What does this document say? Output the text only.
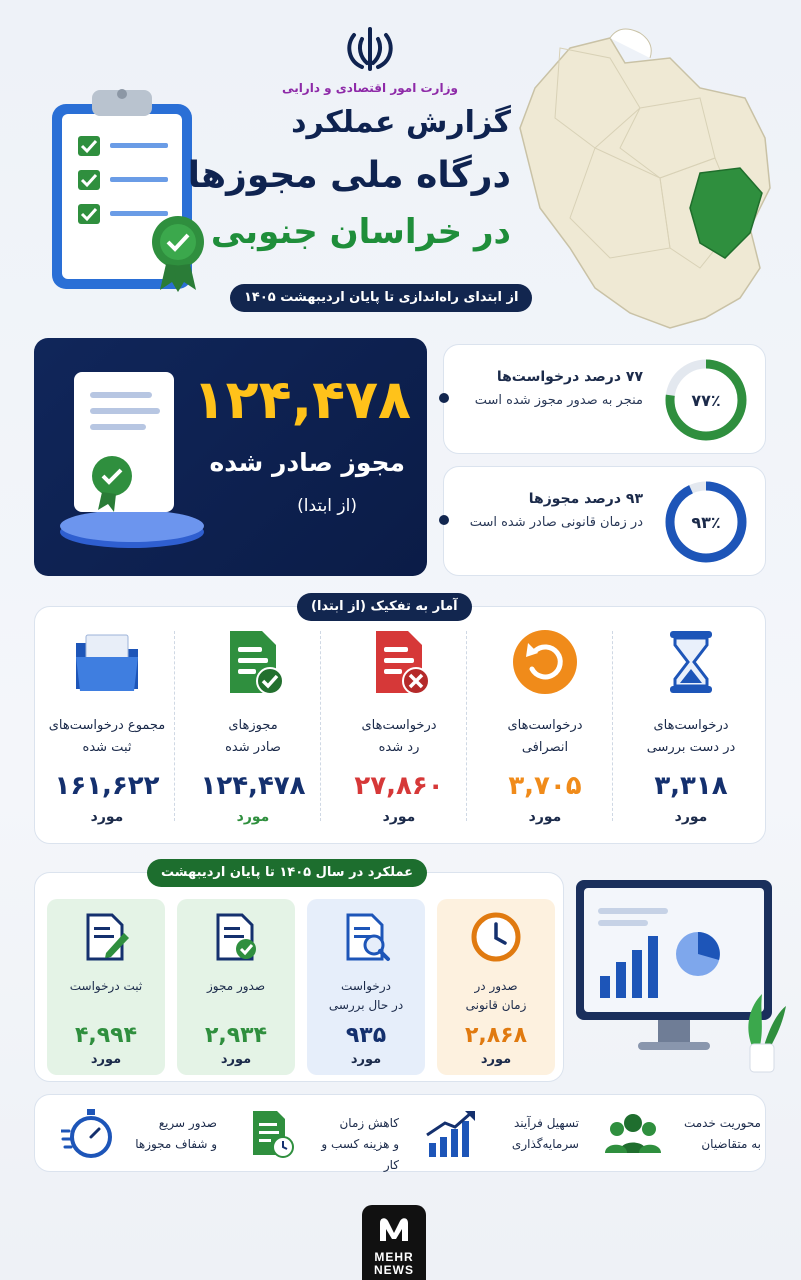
وزارت امور اقتصادی و دارایی
گزارش عملکرد
درگاه ملی مجوزها
در خراسان جنوبی
از ابتدای راه‌اندازی تا پایان اردیبهشت ۱۴۰۵
۱۲۴,۴۷۸
مجوز صادر شده
(از ابتدا)
۷۷ درصد درخواست‌ها
منجر به صدور مجوز شده است	۷۷٪
۹۳ درصد مجوزها
در زمان قانونی صادر شده است	۹۳٪
آمار به تفکیک (از ابتدا)
درخواست‌های
در دست بررسی
۳,۳۱۸
مورد
درخواست‌های
انصرافی
۳,۷۰۵
مورد
درخواست‌های
رد شده
۲۷,۸۶۰
مورد
مجوزهای
صادر شده
۱۲۴,۴۷۸
مورد
مجموع درخواست‌های
ثبت شده
۱۶۱,۶۲۲
مورد
عملکرد در سال ۱۴۰۵ تا پایان اردیبهشت
صدور در
زمان قانونی
۲,۸۶۸
مورد
درخواست
در حال بررسی
۹۳۵
مورد
صدور مجوز
۲,۹۳۴
مورد
ثبت درخواست
۴,۹۹۴
مورد
محوریت خدمت
به متقاضیان
تسهیل فرآیند
سرمایه‌گذاری
کاهش زمان
و هزینه کسب و کار
صدور سریع
و شفاف مجوزها
MEHR
NEWS
